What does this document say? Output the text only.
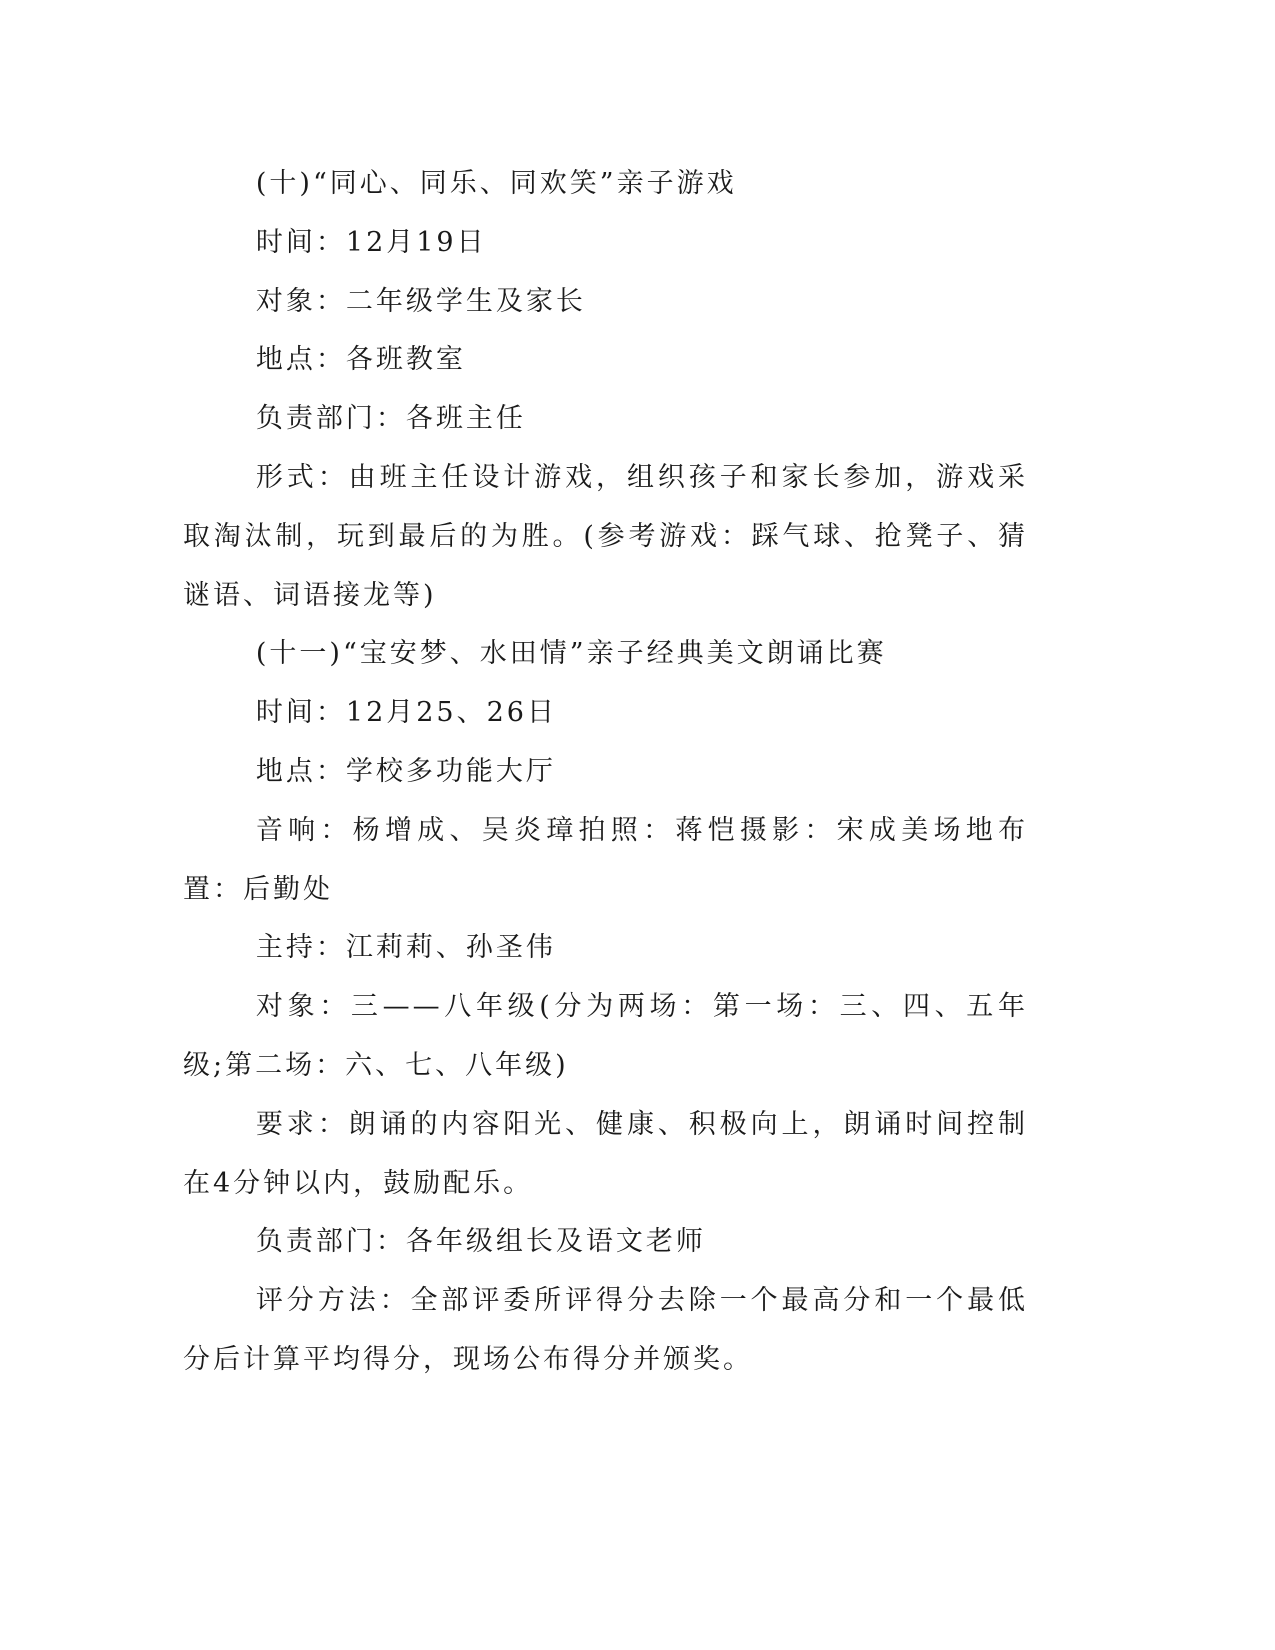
(十)“同心、同乐、同欢笑”亲子游戏

时间：12月19日

对象：二年级学生及家长

地点：各班教室

负责部门：各班主任

形式：由班主任设计游戏，组织孩子和家长参加，游戏采取淘汰制，玩到最后的为胜。(参考游戏：踩气球、抢凳子、猜谜语、词语接龙等)

(十一)“宝安梦、水田情”亲子经典美文朗诵比赛

时间：12月25、26日

地点：学校多功能大厅

音响：杨增成、吴炎璋拍照：蒋恺摄影：宋成美场地布置：后勤处

主持：江莉莉、孙圣伟

对象：三——八年级(分为两场：第一场：三、四、五年级;第二场：六、七、八年级)

要求：朗诵的内容阳光、健康、积极向上，朗诵时间控制在4分钟以内，鼓励配乐。

负责部门：各年级组长及语文老师

评分方法：全部评委所评得分去除一个最高分和一个最低分后计算平均得分，现场公布得分并颁奖。
